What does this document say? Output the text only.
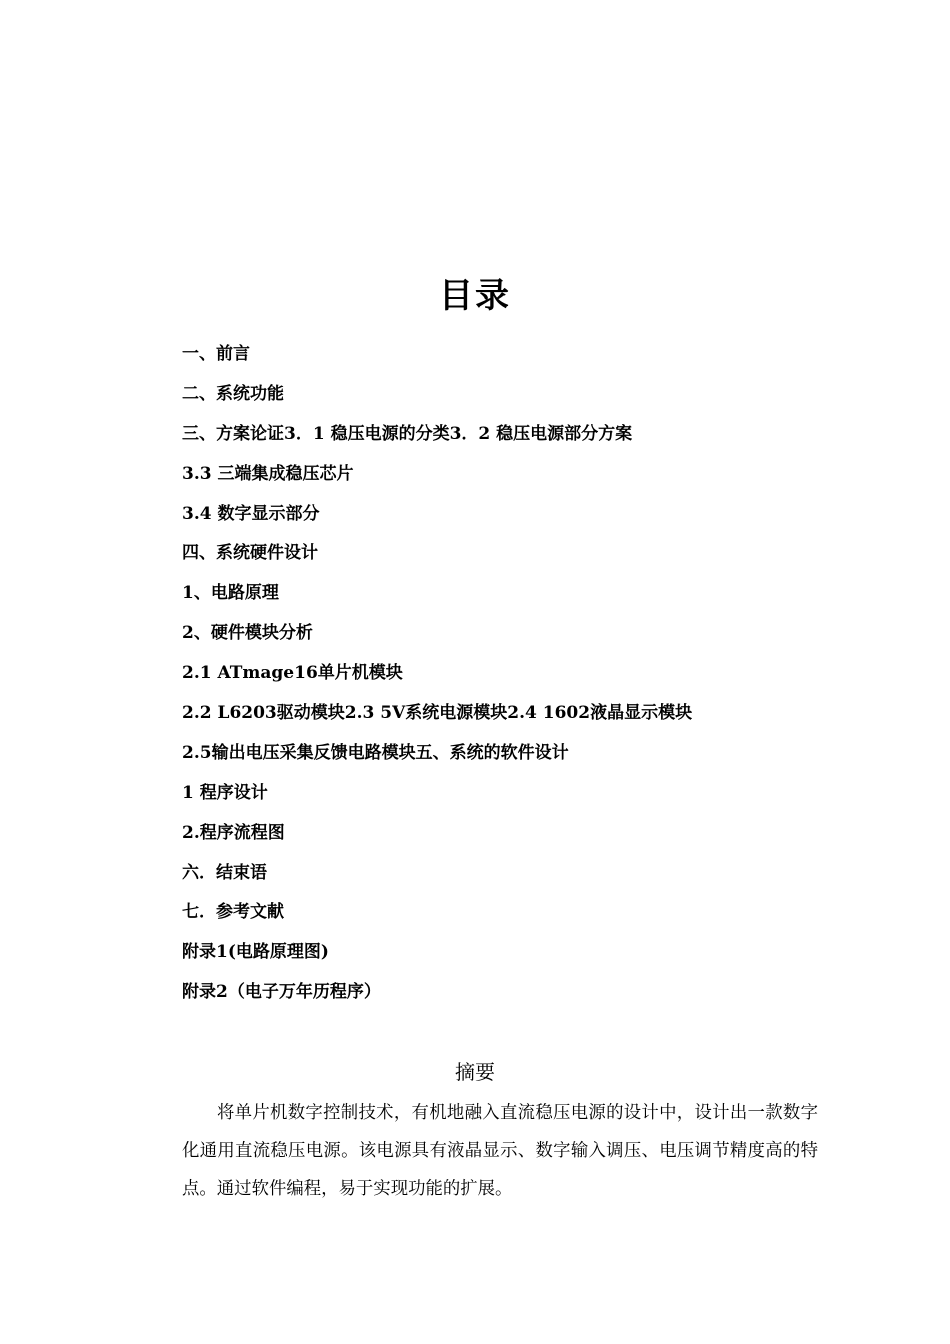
目录
一、前言
二、系统功能
三、方案论证3．1 稳压电源的分类3．2 稳压电源部分方案
3.3 三端集成稳压芯片
3.4 数字显示部分
四、系统硬件设计
1、电路原理
2、硬件模块分析
2.1 ATmage16单片机模块
2.2 L6203驱动模块2.3 5V系统电源模块2.4 1602液晶显示模块
2.5输出电压采集反馈电路模块五、系统的软件设计
1 程序设计
2.程序流程图
六．结束语
七．参考文献
附录1(电路原理图)
附录2（电子万年历程序）
摘要

将单片机数字控制技术，有机地融入直流稳压电源的设计中，设计出一款数字化通用直流稳压电源。该电源具有液晶显示、数字输入调压、电压调节精度高的特点。通过软件编程，易于实现功能的扩展。
